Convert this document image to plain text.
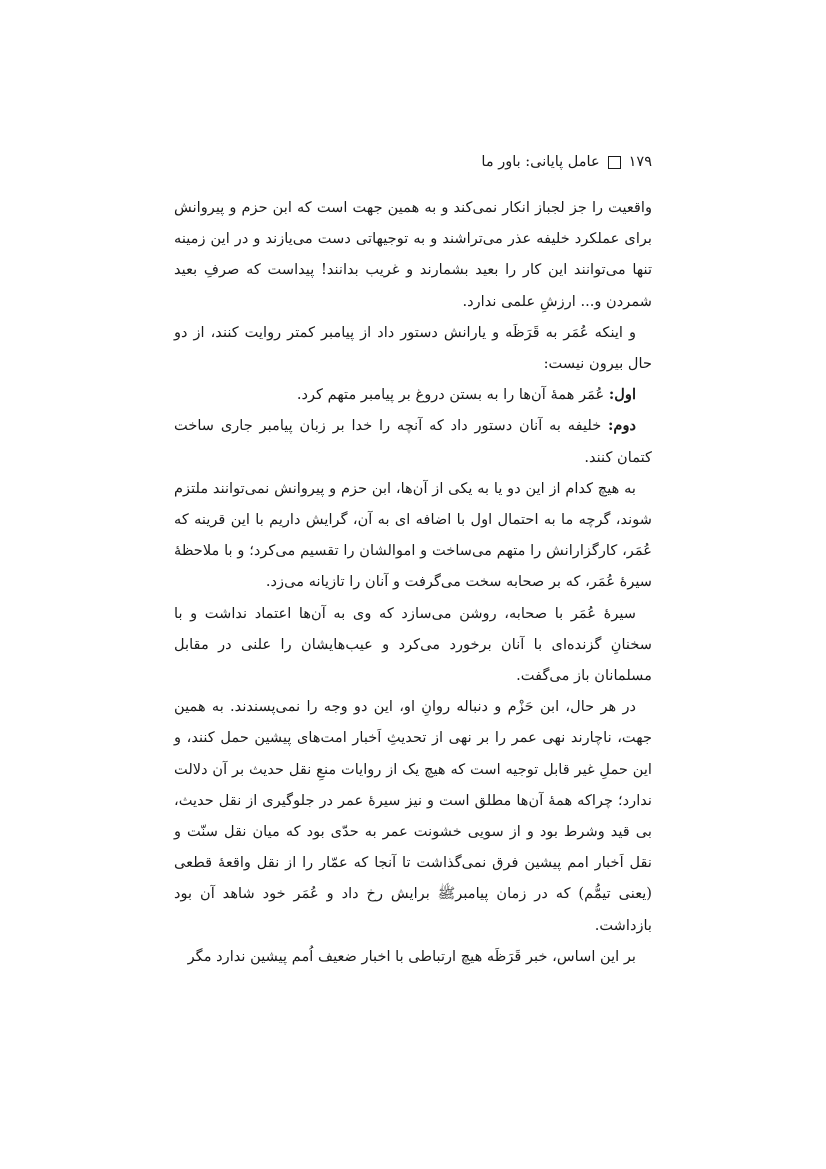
عامل پایانی: باور ما ۱۷۹

واقعیت را جز لجباز انکار نمی‌کند و به همین جهت است که ابن حزم و پیروانش برای عملکرد خلیفه عذر می‌تراشند و به توجیهاتی دست می‌یازند و در این زمینه تنها می‌توانند این کار را بعید بشمارند و غریب بدانند! پیداست که صرفِ بعید شمردن و... ارزشِ علمی ندارد.

و اینکه عُمَر به قَرَظَه و یارانش دستور داد از پیامبر کمتر روایت کنند، از دو حال بیرون نیست:

اول: عُمَر همهٔ آن‌ها را به بستن دروغ بر پیامبر متهم کرد.

دوم: خلیفه به آنان دستور داد که آنچه را خدا بر زبان پیامبر جاری ساخت کتمان کنند.

به هیچ کدام از این دو یا به یکی از آن‌ها، ابن حزم و پیروانش نمی‌توانند ملتزم شوند، گرچه ما به احتمال اول با اضافه ای به آن، گرایش داریم با این قرینه که عُمَر، کارگزارانش را متهم می‌ساخت و اموالشان را تقسیم می‌کرد؛ و با ملاحظهٔ سیرهٔ عُمَر، که بر صحابه سخت می‌گرفت و آنان را تازیانه می‌زد.

سیرهٔ عُمَر با صحابه، روشن می‌سازد که وی به آن‌ها اعتماد نداشت و با سخنانِ گزنده‌ای با آنان برخورد می‌کرد و عیب‌هایشان را علنی در مقابل مسلمانان باز می‌گفت.

در هر حال، ابن حَزْم و دنباله روانِ او، این دو وجه را نمی‌پسندند. به همین جهت، ناچارند نهی عمر را بر نهی از تحدیثِ اَخبار امت‌های پیشین حمل کنند، و این حملِ غیر قابل توجیه است که هیچ یک از روایات منعِ نقل حدیث بر آن دلالت ندارد؛ چراکه همهٔ آن‌ها مطلق است و نیز سیرهٔ عمر در جلوگیری از نقل حدیث، بی قید وشرط بود و از سویی خشونت عمر به حدّی بود که میان نقل سنّت و نقل اَخبار امم پیشین فرق نمی‌گذاشت تا آنجا که عمّار را از نقل واقعهٔ قطعی (یعنی تیمُّم) که در زمان پیامبرﷺ برایش رخ داد و عُمَر خود شاهد آن بود بازداشت.

بر این اساس، خبر قَرَظَه هیچ ارتباطی با اخبار ضعیف اُمم پیشین ندارد مگر
